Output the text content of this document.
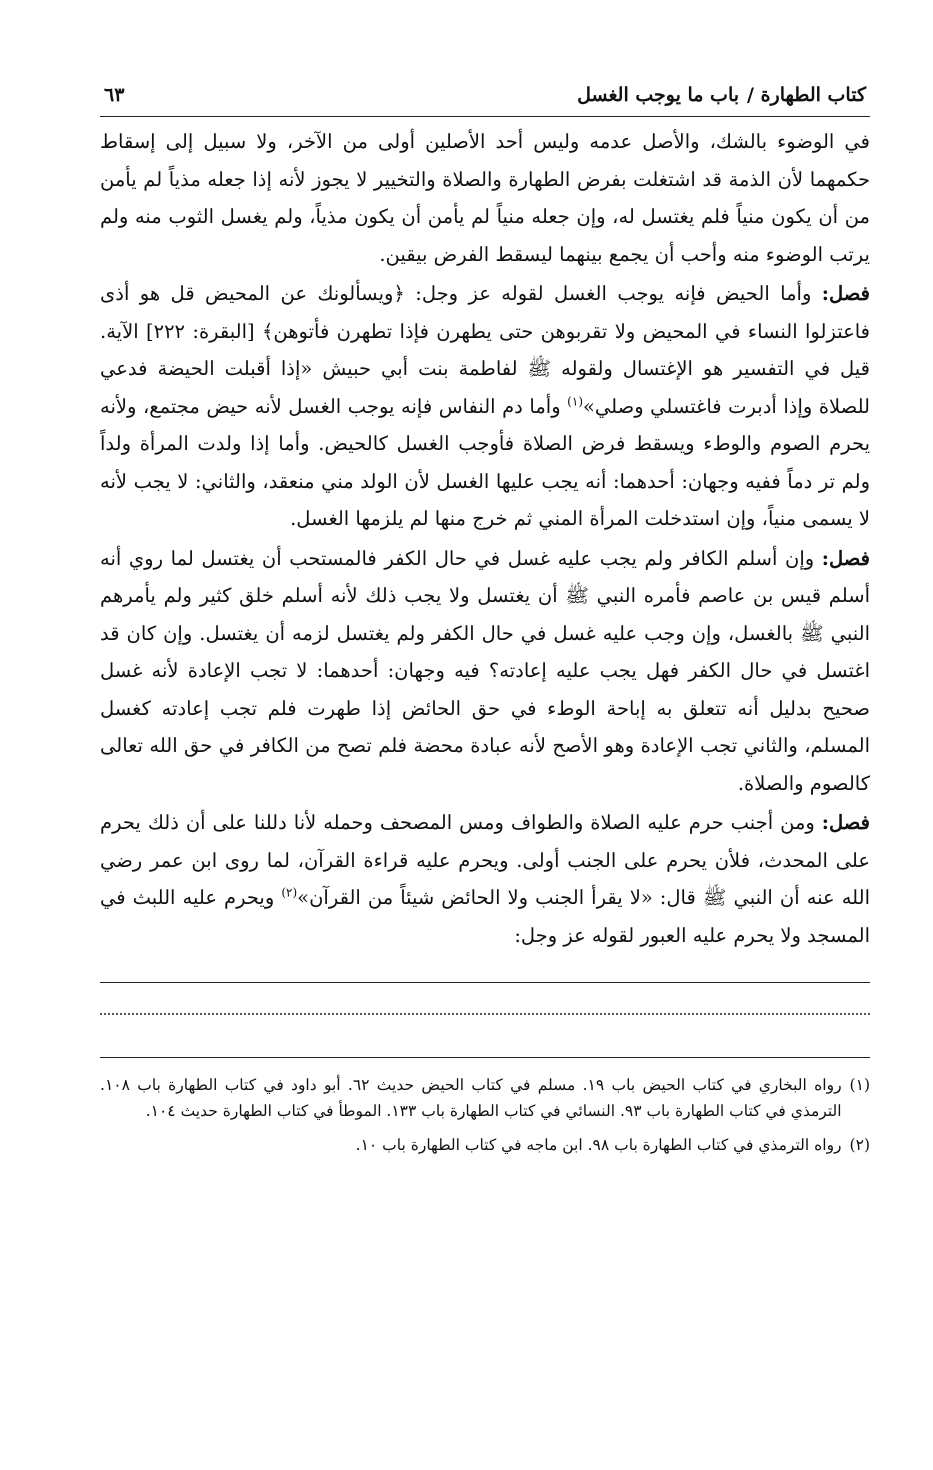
كتاب الطهارة /
باب ما يوجب الغسل
٦٣

في الوضوء بالشك، والأصل عدمه وليس أحد الأصلين أولى من الآخر، ولا سبيل إلى إسقاط حكمهما لأن الذمة قد اشتغلت بفرض الطهارة والصلاة والتخيير لا يجوز لأنه إذا جعله مذياً لم يأمن من أن يكون منياً فلم يغتسل له، وإن جعله منياً لم يأمن أن يكون مذياً، ولم يغسل الثوب منه ولم يرتب الوضوء منه وأحب أن يجمع بينهما ليسقط الفرض بيقين.

فصل: وأما الحيض فإنه يوجب الغسل لقوله عز وجل: ﴿ويسألونك عن المحيض قل هو أذى فاعتزلوا النساء في المحيض ولا تقربوهن حتى يطهرن فإذا تطهرن فأتوهن﴾ [البقرة: ٢٢٢] الآية. قيل في التفسير هو الإغتسال ولقوله ﷺ لفاطمة بنت أبي حبيش «إذا أقبلت الحيضة فدعي للصلاة وإذا أدبرت فاغتسلي وصلي»$^{(١)}$ وأما دم النفاس فإنه يوجب الغسل لأنه حيض مجتمع، ولأنه يحرم الصوم والوطء ويسقط فرض الصلاة فأوجب الغسل كالحيض. وأما إذا ولدت المرأة ولداً ولم تر دماً ففيه وجهان: أحدهما: أنه يجب عليها الغسل لأن الولد مني منعقد، والثاني: لا يجب لأنه لا يسمى منياً، وإن استدخلت المرأة المني ثم خرج منها لم يلزمها الغسل.

فصل: وإن أسلم الكافر ولم يجب عليه غسل في حال الكفر فالمستحب أن يغتسل لما روي أنه أسلم قيس بن عاصم فأمره النبي ﷺ أن يغتسل ولا يجب ذلك لأنه أسلم خلق كثير ولم يأمرهم النبي ﷺ بالغسل، وإن وجب عليه غسل في حال الكفر ولم يغتسل لزمه أن يغتسل. وإن كان قد اغتسل في حال الكفر فهل يجب عليه إعادته؟ فيه وجهان: أحدهما: لا تجب الإعادة لأنه غسل صحيح بدليل أنه تتعلق به إباحة الوطء في حق الحائض إذا طهرت فلم تجب إعادته كغسل المسلم، والثاني تجب الإعادة وهو الأصح لأنه عبادة محضة فلم تصح من الكافر في حق الله تعالى كالصوم والصلاة.

فصل: ومن أجنب حرم عليه الصلاة والطواف ومس المصحف وحمله لأنا دللنا على أن ذلك يحرم على المحدث، فلأن يحرم على الجنب أولى. ويحرم عليه قراءة القرآن، لما روى ابن عمر رضي الله عنه أن النبي ﷺ قال: «لا يقرأ الجنب ولا الحائض شيئاً من القرآن»$^{(٢)}$ ويحرم عليه اللبث في المسجد ولا يحرم عليه العبور لقوله عز وجل:

(١)
رواه البخاري في كتاب الحيض باب ١٩. مسلم في كتاب الحيض حديث ٦٢. أبو داود في كتاب الطهارة باب ١٠٨. الترمذي في كتاب الطهارة باب ٩٣. النسائي في كتاب الطهارة باب ١٣٣. الموطأ في كتاب الطهارة حديث ١٠٤.
(٢)
رواه الترمذي في كتاب الطهارة باب ٩٨. ابن ماجه في كتاب الطهارة باب ١٠.
